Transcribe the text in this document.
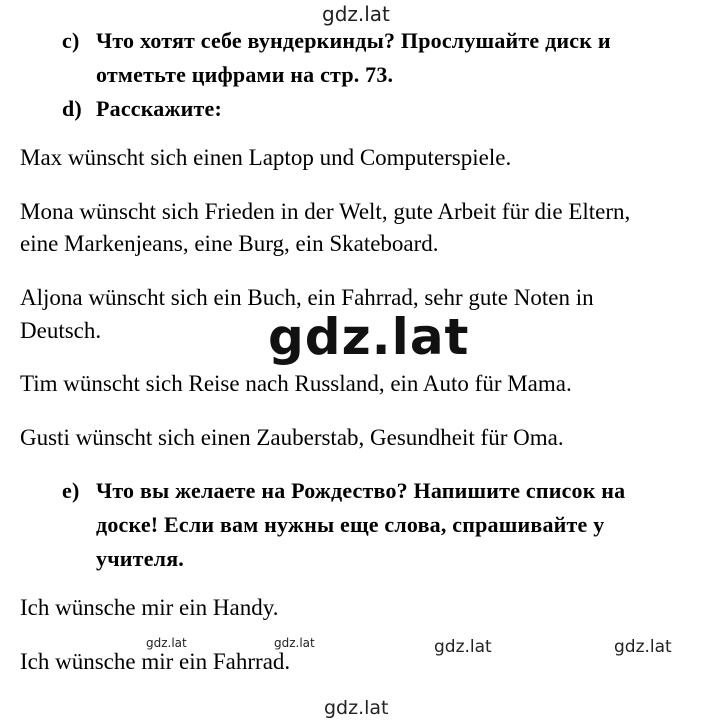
gdz.lat
c) Что хотят себе вундеркинды? Прослушайте диск и
отметьте цифрами на стр. 73.
d) Расскажите:
Max wünscht sich einen Laptop und Computerspiele.
Mona wünscht sich Frieden in der Welt, gute Arbeit für die Eltern,
eine Markenjeans, eine Burg, ein Skateboard.
Aljona wünscht sich ein Buch, ein Fahrrad, sehr gute Noten in
Deutsch.	gdz.lat
Tim wünscht sich Reise nach Russland, ein Auto für Mama.
Gusti wünscht sich einen Zauberstab, Gesundheit für Oma.
e) Что вы желаете на Рождество? Напишите список на
доске! Если вам нужны еще слова, спрашивайте у
учителя.
Ich wünsche mir ein Handy.
gdz.lat	gdz.lat	gdz.lat	gdz.lat
Ich wünsche mir ein Fahrrad.
gdz.lat
